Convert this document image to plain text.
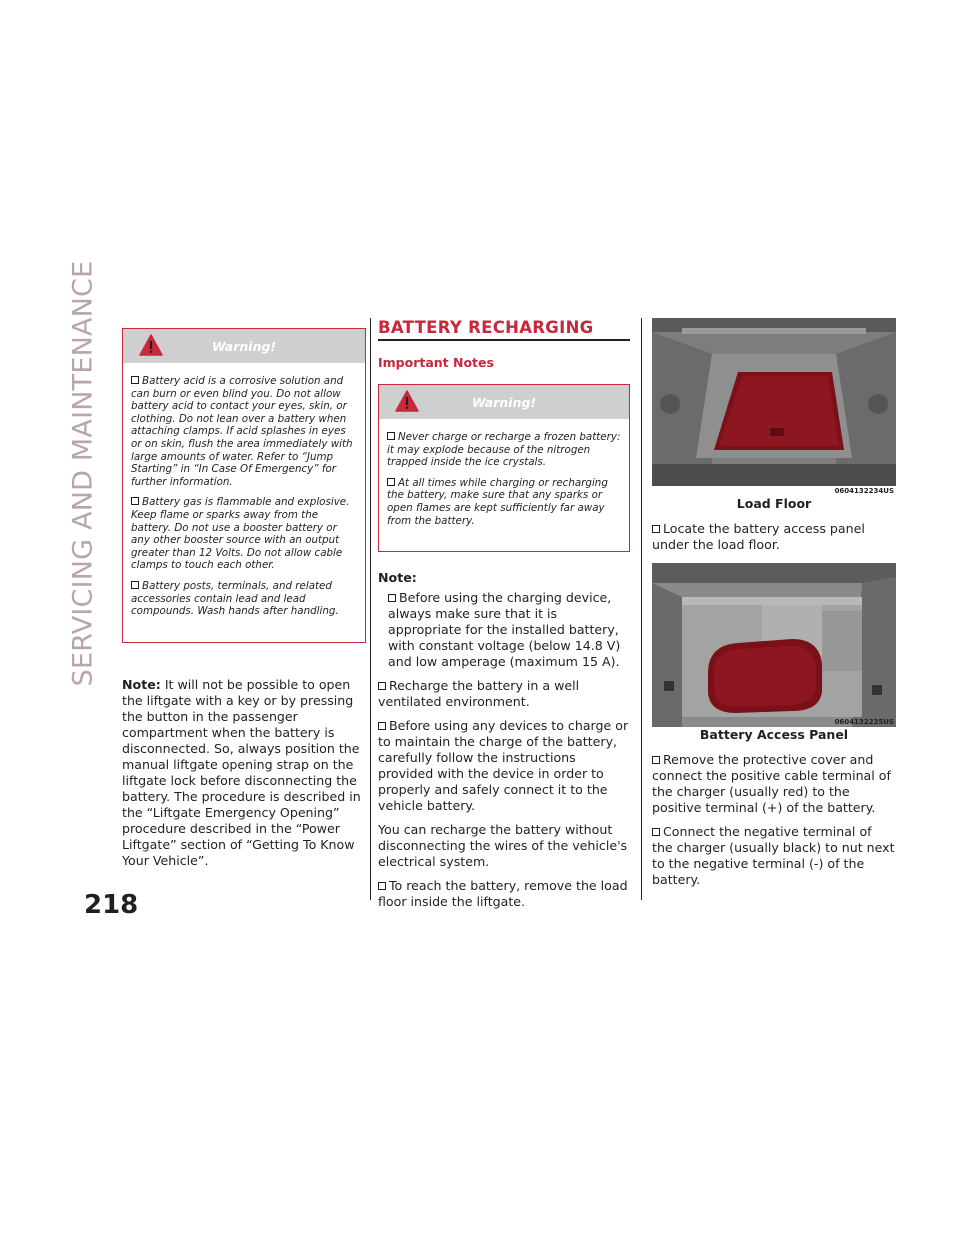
SERVICING AND MAINTENANCE
218
Warning!

Battery acid is a corrosive solution and can burn or even blind you. Do not allow battery acid to contact your eyes, skin, or clothing. Do not lean over a battery when attaching clamps. If acid splashes in eyes or on skin, flush the area immediately with large amounts of water. Refer to “Jump Starting” in “In Case Of Emergency” for further information.

Battery gas is flammable and explosive. Keep flame or sparks away from the battery. Do not use a booster battery or any other booster source with an output greater than 12 Volts. Do not allow cable clamps to touch each other.

Battery posts, terminals, and related accessories contain lead and lead compounds. Wash hands after handling.

Note: It will not be possible to open the liftgate with a key or by pressing the button in the passenger compartment when the battery is disconnected. So, always position the manual liftgate opening strap on the liftgate lock before disconnecting the battery. The procedure is described in the “Liftgate Emergency Opening” procedure described in the “Power Liftgate” section of “Getting To Know Your Vehicle”.

BATTERY RECHARGING
Important Notes
Warning!

Never charge or recharge a frozen battery: it may explode because of the nitrogen trapped inside the ice crystals.

At all times while charging or recharging the battery, make sure that any sparks or open flames are kept sufficiently far away from the battery.

Note:

Before using the charging device, always make sure that it is appropriate for the installed battery, with constant voltage (below 14.8 V) and low amperage (maximum 15 A).

Recharge the battery in a well ventilated environment.

Before using any devices to charge or to maintain the charge of the battery, carefully follow the instructions provided with the device in order to properly and safely connect it to the vehicle battery.

You can recharge the battery without disconnecting the wires of the vehicle's electrical system.

To reach the battery, remove the load floor inside the liftgate.

0604132234US
Load Floor

Locate the battery access panel under the load floor.

0604132235US
Battery Access Panel

Remove the protective cover and connect the positive cable terminal of the charger (usually red) to the positive terminal (+) of the battery.

Connect the negative terminal of the charger (usually black) to nut next to the negative terminal (-) of the battery.
